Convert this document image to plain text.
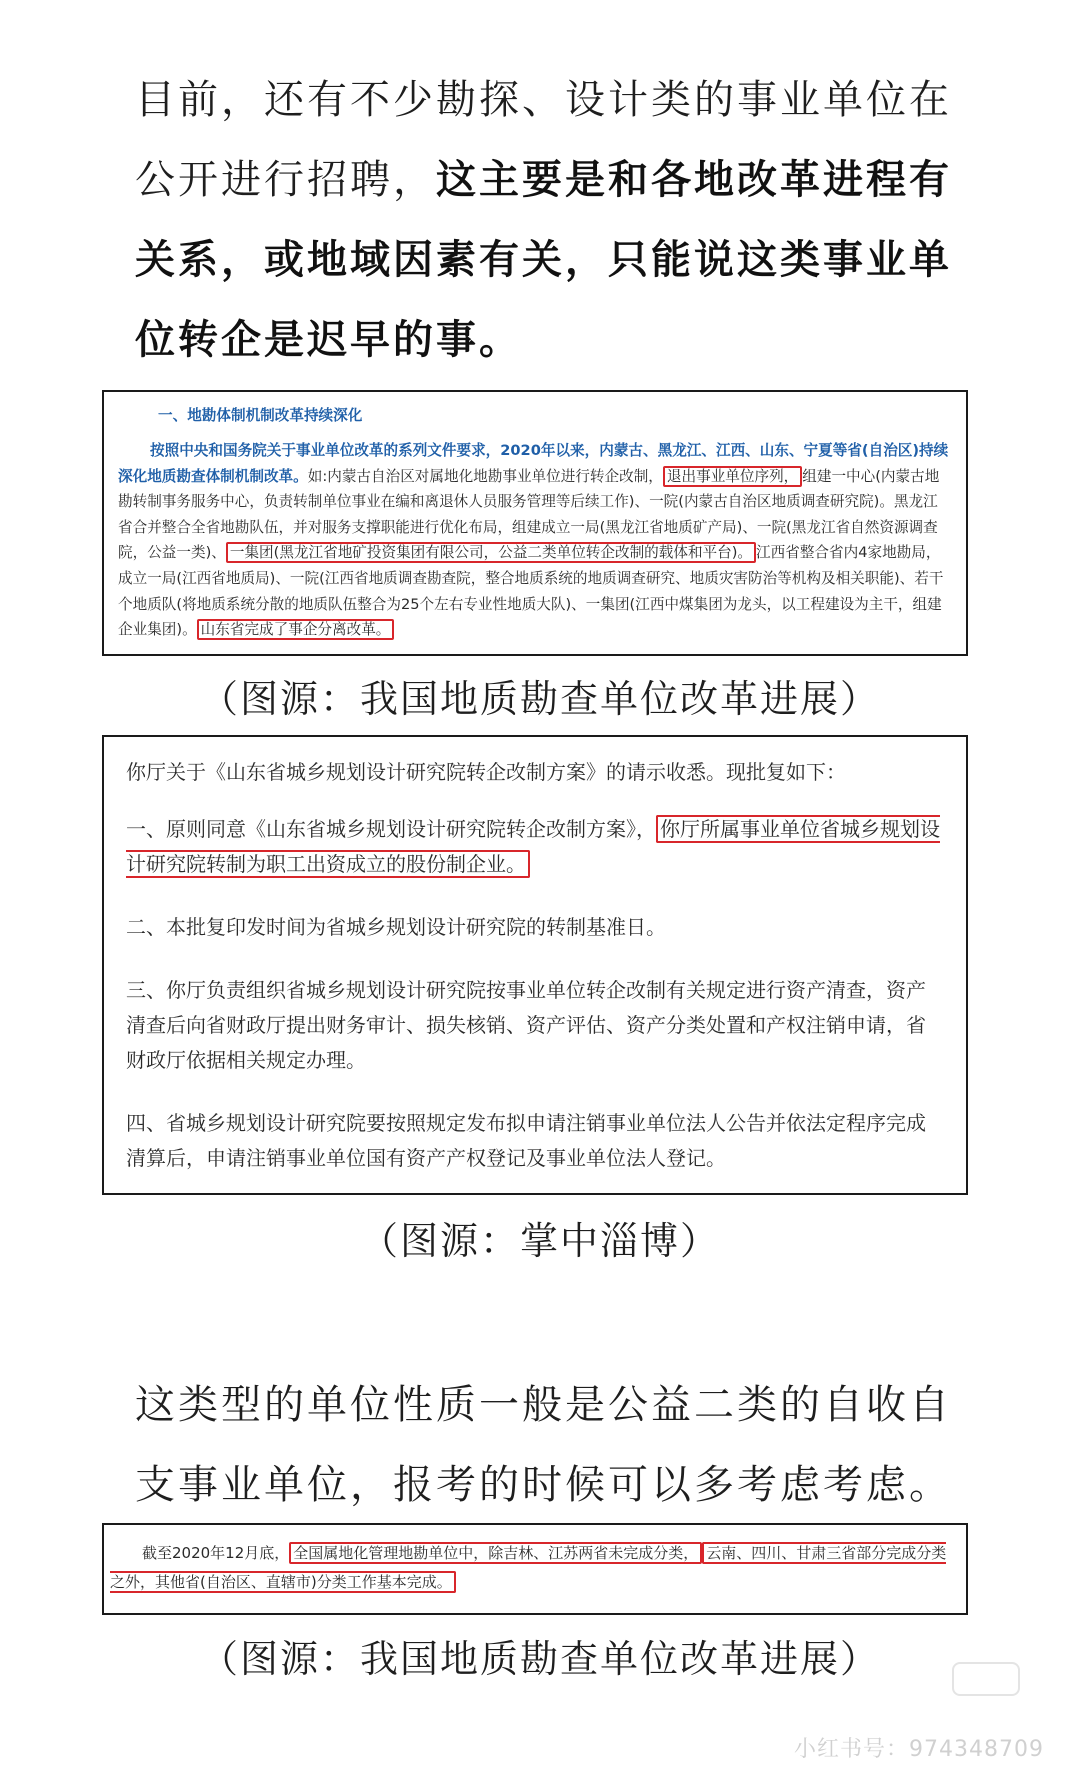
目前，还有不少勘探、设计类的事业单位在公开进行招聘，这主要是和各地改革进程有关系，或地域因素有关，只能说这类事业单位转企是迟早的事。
一、地勘体制机制改革持续深化

按照中央和国务院关于事业单位改革的系列文件要求，2020年以来，内蒙古、黑龙江、江西、山东、宁夏等省(自治区)持续深化地质勘查体制机制改革。如:内蒙古自治区对属地化地勘事业单位进行转企改制， 退出事业单位序列， 组建一中心(内蒙古地勘转制事务服务中心，负责转制单位事业在编和离退休人员服务管理等后续工作)、一院(内蒙古自治区地质调查研究院)。黑龙江省合并整合全省地勘队伍，并对服务支撑职能进行优化布局，组建成立一局(黑龙江省地质矿产局)、一院(黑龙江省自然资源调查院，公益一类)、 一集团(黑龙江省地矿投资集团有限公司，公益二类单位转企改制的载体和平台)。 江西省整合省内4家地勘局，成立一局(江西省地质局)、一院(江西省地质调查勘查院，整合地质系统的地质调查研究、地质灾害防治等机构及相关职能)、若干个地质队(将地质系统分散的地质队伍整合为25个左右专业性地质大队)、一集团(江西中煤集团为龙头，以工程建设为主干，组建企业集团)。 山东省完成了事企分离改革。

（图源：我国地质勘查单位改革进展）

你厅关于《山东省城乡规划设计研究院转企改制方案》的请示收悉。现批复如下：

一、原则同意《山东省城乡规划设计研究院转企改制方案》， 你厅所属事业单位省城乡规划设计研究院转制为职工出资成立的股份制企业。

二、本批复印发时间为省城乡规划设计研究院的转制基准日。

三、你厅负责组织省城乡规划设计研究院按事业单位转企改制有关规定进行资产清查，资产清查后向省财政厅提出财务审计、损失核销、资产评估、资产分类处置和产权注销申请，省财政厅依据相关规定办理。

四、省城乡规划设计研究院要按照规定发布拟申请注销事业单位法人公告并依法定程序完成清算后，申请注销事业单位国有资产产权登记及事业单位法人登记。

（图源：掌中淄博）
这类型的单位性质一般是公益二类的自收自支事业单位，报考的时候可以多考虑考虑。

截至2020年12月底， 全国属地化管理地勘单位中，除吉林、江苏两省未完成分类， 云南、四川、甘肃三省部分完成分类之外，其他省(自治区、直辖市)分类工作基本完成。

（图源：我国地质勘查单位改革进展）
小红书号：974348709
